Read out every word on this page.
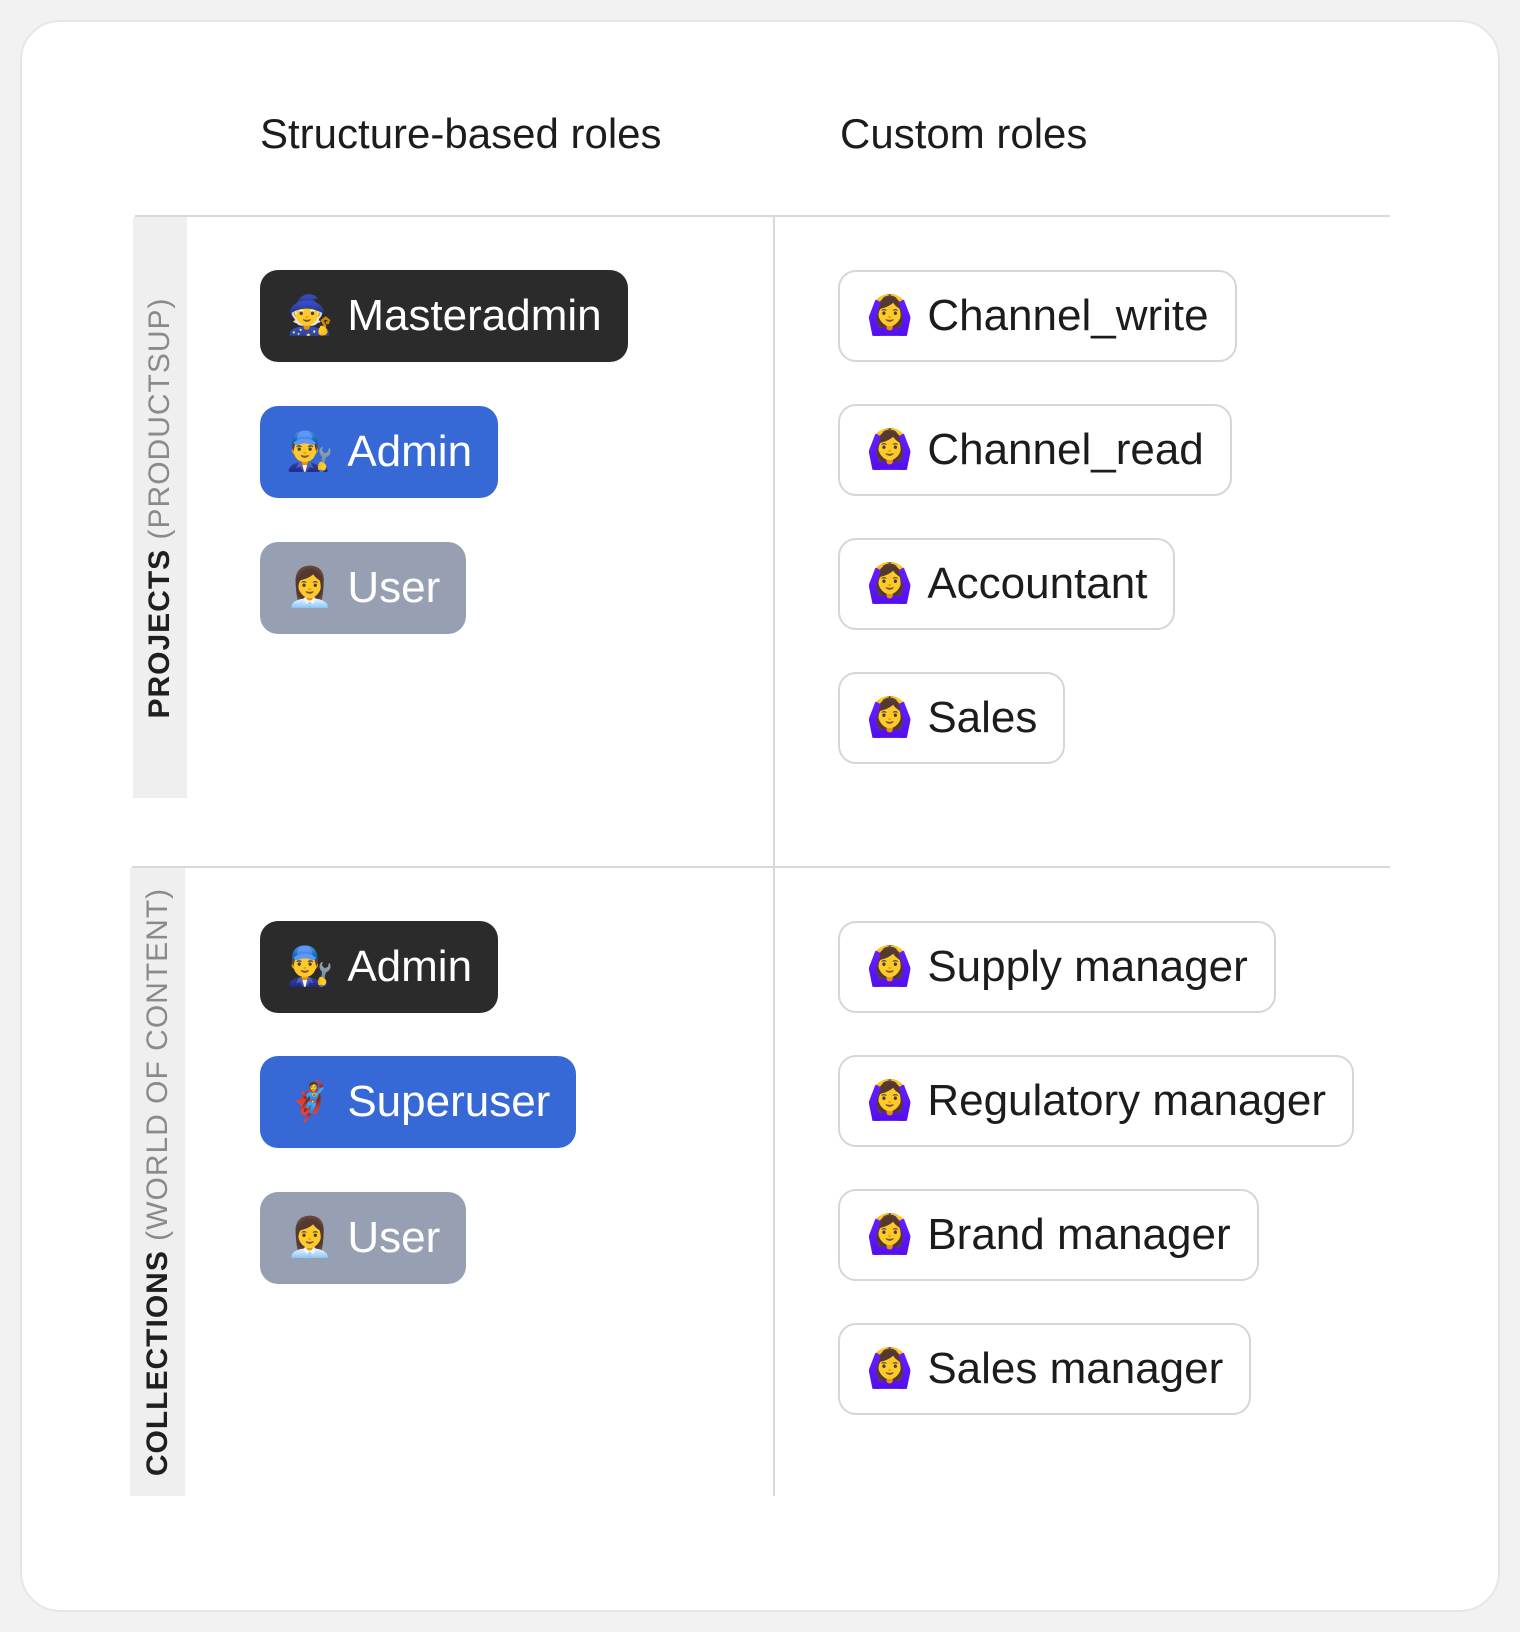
Structure-based roles	Custom roles
PROJECTS (PRODUCTSUP)
COLLECTIONS (WORLD OF CONTENT)
🧙 Masteradmin
👨‍🔧 Admin
👩‍💼 User
🙆‍♀️ Channel_write
🙆‍♀️ Channel_read
🙆‍♀️ Accountant
🙆‍♀️ Sales
👨‍🔧 Admin
🦸 Superuser
👩‍💼 User
🙆‍♀️ Supply manager
🙆‍♀️ Regulatory manager
🙆‍♀️ Brand manager
🙆‍♀️ Sales manager
